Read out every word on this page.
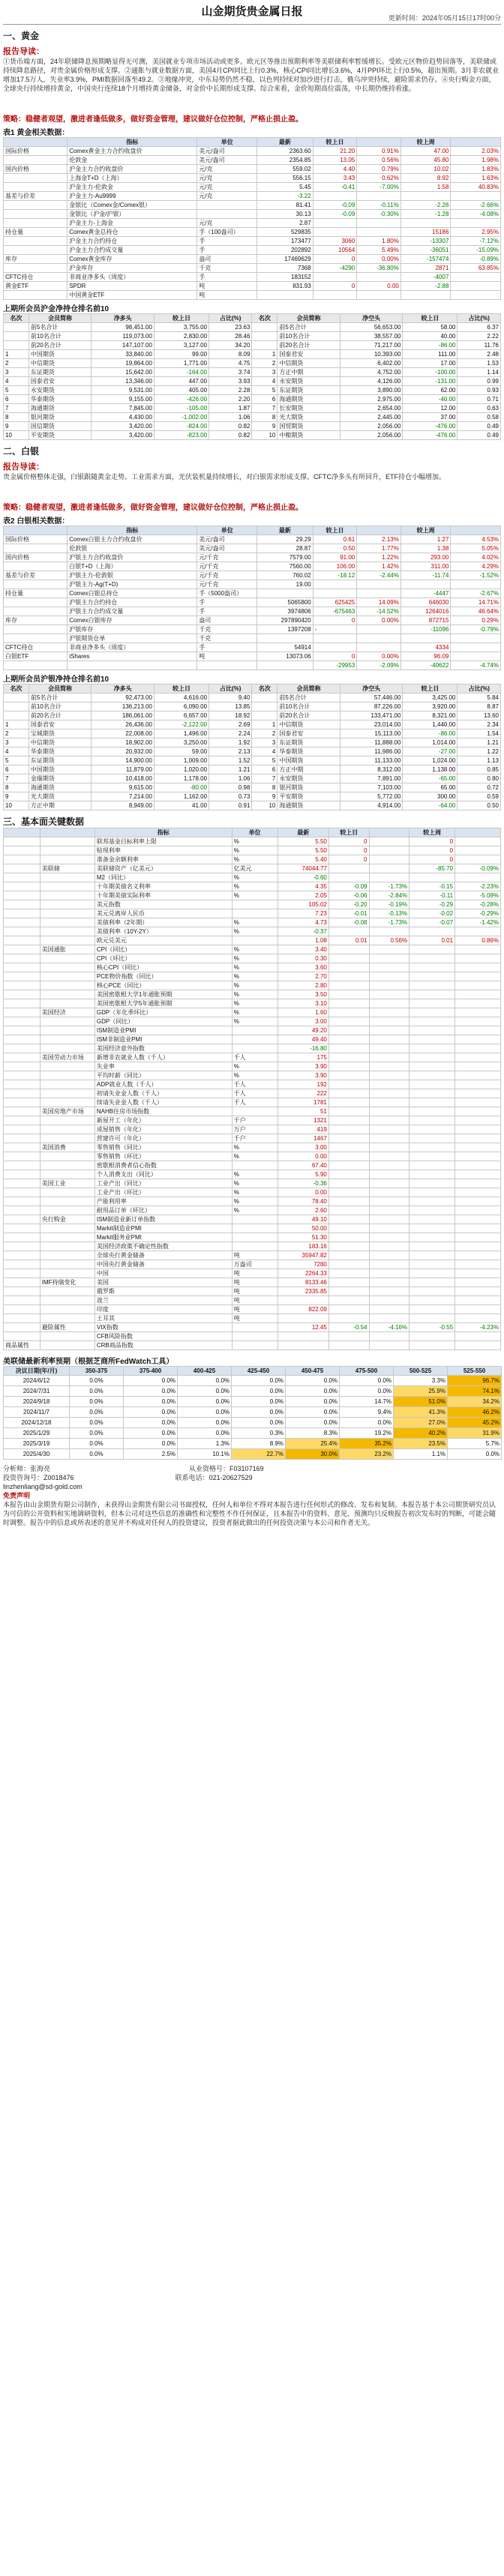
山金期货贵金属日报	更新时间：2024年05月15日17时00分
一、黄金
报告导读：
①货币端方面，24年联储降息预期略显得无可测，美国就业专项市场活动或更多。欧元区等推出预期利率等美联储利率暂缓增长。受欧元区物价趋势回落等，美联储或持续降息路径，对贵金属价格形成支撑。②通胀与就业数据方面，美国4月CPI同比上行0.3%，核心CPI同比增长3.6%，4月PPI环比上行0.5%，超出预期。3月非农就业增加17.5万人，失业率3.9%，PMI数据回落至49.2。③地缘冲突，中东局势仍然不稳，以色列持续对加沙进行打击，俄乌冲突持续，避险需求仍存。④央行购金方面，全球央行持续增持黄金，中国央行连续18个月增持黄金储备，对金价中长期形成支撑。综合来看，金价短期高位震荡，中长期仍维持看涨。
策略：稳健者观望，激进者逢低做多，做好资金管理，建议做好仓位控制，严格止损止盈。
表1 黄金相关数据：
	指标	单位	最新	较上日		较上周	
国际价格	Comex黄金主力合约收盘价	美元/盎司	2363.60	21.20	0.91%	47.00	2.03%
	伦敦金	美元/盎司	2354.85	13.05	0.56%	45.80	1.98%
国内价格	沪金主力合约收盘价	元/克	559.02	4.40	0.79%	10.02	1.83%
	上海金T+D（上海）	元/克	556.15	3.43	0.62%	8.92	1.63%
	沪金主力-伦敦金	元/克	5.45	-0.41	-7.00%	1.58	40.83%
基差与价差	沪金主力-Au9999	元/克	-3.22				
	金银比（Comex金/Comex银）		81.41	-0.09	-0.11%	-2.26	-2.66%
	金银比（沪金/沪银）		30.13	-0.09	-0.30%	-1.28	-4.08%
	沪金主力-上海金	元/克	2.87				
持仓量	Comex黄金总持仓	手（100盎司）	529835			15186	2.95%
	沪金主力合约持仓	手	173477	3060	1.80%	-13307	-7.12%
	沪金主力合约成交量	手	202892	10564	5.49%	-36051	-15.09%
库存	Comex黄金库存	盎司	17469629	0	0.00%	-157474	-0.89%
	沪金库存	千克	7368	-4290	-36.80%	2871	63.85%
CFTC持仓	非商业净多头（周度）	手	183152			-4007	
黄金ETF	SPDR	吨	831.93	0	0.00	-2.88	
	中国黄金ETF	吨					
上期所会员沪金净持仓排名前10
名次	会员简称	净多头	较上日	占比(%)	名次	会员简称	净空头	较上日	占比(%)
	前5名合计	98,451.00	3,755.00	23.63		前5名合计	56,653.00	58.00	6.37
	前10名合计	119,073.00	2,830.00	28.46		前10名合计	38,557.00	40.00	2.22
	前20名合计	147,107.00	3,127.00	34.20		前20名合计	71,217.00	-86.00	11.76
1	中国期货	33,840.00	99.00	8.09	1	国泰君安	10,393.00	111.00	2.48
2	中信期货	19,864.00	1,771.00	4.75	2	中信期货	6,402.00	17.00	1.53
3	东证期货	15,642.00	-164.00	3.74	3	方正中期	4,752.00	-100.00	1.14
4	国泰君安	13,346.00	447.00	3.93	4	永安期货	4,126.00	-131.00	0.99
5	永安期货	9,531.00	405.00	2.28	5	东证期货	3,890.00	62.00	0.93
6	华泰期货	9,155.00	-426.00	2.20	6	海通期货	2,975.00	-40.00	0.71
7	海通期货	7,845.00	-105.00	1.87	7	长安期货	2,654.00	12.00	0.63
8	银河期货	4,430.00	-1,002.00	1.06	8	光大期货	2,445.00	37.00	0.58
9	国信期货	3,420.00	-824.00	0.82	9	国贸期货	2,056.00	-476.00	0.49
10	平安期货	3,420.00	-823.00	0.82	10	中粮期货	2,056.00	-476.00	0.49
二、白银
报告导读：
贵金属价格整体走强，白银跟随黄金走势。工业需求方面，光伏装机量持续增长，对白银需求形成支撑。CFTC净多头有所回升，ETF持仓小幅增加。
策略：稳健者观望，激进者逢低做多，做好资金管理，建议做好仓位控制，严格止损止盈。
表2 白银相关数据：
	指标	单位	最新	较上日		较上周	
国际价格	Comex白银主力合约收盘价	美元/盎司	29.29	0.61	2.13%	1.27	4.53%
	伦敦银	美元/盎司	28.87	0.50	1.77%	1.38	5.05%
国内价格	沪银主力合约收盘价	元/千克	7579.00	91.00	1.22%	293.00	4.02%
	白银T+D（上海）	元/千克	7560.00	106.00	1.42%	311.00	4.29%
基差与价差	沪银主力-伦敦银	元/千克	760.02	-18.12	-2.44%	-11.74	-1.52%
	沪银主力-Ag(T+D)	元/千克	19.00				
持仓量	Comex白银总持仓	手（5000盎司）				-4447	-2.67%
	沪银主力合约持仓	手	5065800	625425	14.09%	646030	14.71%
	沪银主力合约成交量	手	3974806	-675463	-14.52%	1264016	46.64%
库存	Comex白银库存	盎司	297890420	0	0.00%	872715	0.29%
	沪银库存	千克	1397208	-		-11096	-0.79%
	沪银期货仓单	千克					
CFTC持仓	非商业净多头（周度）	手	54914			4334	
白银ETF	iShares	吨	13073.06	0	0.00%	96.09	
				-29953	-2.09%	-40622	-4.74%
上期所会员沪银净持仓排名前10
名次	会员简称	净多头	较上日	占比(%)	名次	会员简称	净空头	较上日	占比(%)
	前5名合计	92,473.00	4,616.00	9.40		前5名合计	57,446.00	3,425.00	5.84
	前10名合计	136,213.00	6,090.00	13.85		前10名合计	87,226.00	3,920.00	8.87
	前20名合计	186,061.00	6,657.00	18.92		前20名合计	133,471.00	8,321.00	13.60
1	国泰君安	26,436.00	-2,122.00	2.69	1	中信期货	23,014.00	1,440.00	2.34
2	宝城期货	22,008.00	1,496.00	2.24	2	国泰君安	15,113.00	-86.00	1.54
3	中信期货	18,902.00	3,250.00	1.92	3	东证期货	11,888.00	1,014.00	1.21
4	华泰期货	20,932.00	59.00	2.13	4	华泰期货	11,986.00	-27.00	1.22
5	东证期货	14,900.00	1,009.00	1.52	5	中国期货	11,133.00	1,024.00	1.13
6	中国期货	11,879.00	1,020.00	1.21	6	方正中期	8,312.00	1,138.00	0.85
7	金瑞期货	10,418.00	1,178.00	1.06	7	永安期货	7,891.00	-65.00	0.80
8	海通期货	9,615.00	-80.00	0.98	8	银河期货	7,103.00	65.00	0.72
9	光大期货	7,214.00	1,162.00	0.73	9	平安期货	5,772.00	300.00	0.59
10	方正中期	8,949.00	41.00	0.91	10	海通期货	4,914.00	-64.00	0.50
三、基本面关键数据
		指标	单位	最新	较上日		较上周	
		联邦基金目标利率上限	%	5.50	0		0	
		贴现利率	%	5.50	0		0	
		准备金余额利率	%	5.40	0		0	
	美联储	美联储资产（亿美元）	亿美元	74044.77			-85.70	-0.09%
		M2（同比）	%	-0.60				
		十年期美债名义利率	%	4.35	-0.09	-1.73%	-0.15	-2.23%
		十年期美债实际利率	%	2.05	-0.06	-2.84%	-0.11	-5.09%
		美元指数		105.02	-0.20	-0.19%	-0.29	-0.28%
		美元兑离岸人民币		7.23	-0.01	-0.13%	-0.02	-0.29%
		美债利率（2年期）	%	4.73	-0.08	-1.73%	-0.07	-1.42%
		美债利率（10Y-2Y）	%	-0.37				
		欧元兑美元		1.08	0.01	0.56%	0.01	0.86%
	美国通胀	CPI（同比）	%	3.40				
		CPI（环比）	%	0.30				
		核心CPI（同比）	%	3.60				
		PCE物价指数（同比）	%	2.70				
		核心PCE（同比）	%	2.80				
		美国密歇根大学1年通胀预期	%	3.50				
		美国密歇根大学5年通胀预期	%	3.10				
	美国经济	GDP（年化季环比）	%	1.60				
		GDP（同比）	%	3.00				
		ISM制造业PMI		49.20				
		ISM非制造业PMI		49.40				
		美国经济意外指数		-16.80				
	美国劳动力市场	新增非农就业人数（千人）	千人	175				
		失业率	%	3.90				
		平均时薪（同比）	%	3.90				
		ADP就业人数（千人）	千人	192				
		初请失业金人数（千人）	千人	222				
		续请失业金人数（千人）	千人	1781				
	美国房地产市场	NAHB住房市场指数		51				
		新屋开工（年化）	千户	1321				
		成屋销售（年化）	万户	419				
		营建许可（年化）	千户	1467				
	美国消费	零售销售（同比）	%	3.00				
		零售销售（环比）	%	0.00				
		密歇根消费者信心指数		67.40				
		个人消费支出（同比）	%	5.90				
	美国工业	工业产出（同比）	%	-0.36				
		工业产出（环比）	%	0.00				
		产能利用率	%	78.40				
		耐用品订单（环比）	%	2.60				
	央行购金	ISM制造业新订单指数		49.10				
		Markit制造业PMI		50.00				
		Markit服务业PMI		51.30				
		美国经济政策不确定性指数		183.16				
		全球央行黄金储备	吨	35947.82				
		中国央行黄金储备	万盎司	7280				
		中国	吨	2264.33				
	IMF持储变化	美国	吨	8133.46				
		俄罗斯	吨	2335.85				
		波兰	吨					
		印度	吨	822.09				
		土耳其	吨					
	避险属性	VIX指数		12.45	-0.54	-4.16%	-0.55	-4.23%
		CFB风险指数						
商品属性		CRB商品指数						
美联储最新利率预期（根据芝商所FedWatch工具）
决议日期(年/月)	350-375	375-400	400-425	425-450	450-475	475-500	500-525	525-550
2024/6/12	0.0%	0.0%	0.0%	0.0%	0.0%	0.0%	3.3%	96.7%
2024/7/31	0.0%	0.0%	0.0%	0.0%	0.0%	0.0%	25.9%	74.1%
2024/9/18	0.0%	0.0%	0.0%	0.0%	0.0%	14.7%	51.0%	34.2%
2024/11/7	0.0%	0.0%	0.0%	0.0%	0.0%	9.4%	41.3%	46.2%
2024/12/18	0.0%	0.0%	0.0%	0.0%	0.0%	0.0%	27.0%	45.2%
2025/1/29	0.0%	0.0%	0.0%	0.3%	8.3%	19.2%	40.2%	31.9%
2025/3/19	0.0%	0.0%	1.3%	8.9%	25.4%	35.2%	23.5%	5.7%
2025/4/30	0.0%	2.5%	10.1%	22.7%	30.0%	23.2%	1.1%	0.0%
分析师：张海亮	从业资格号：F03107169
投资咨询号：Z0018476	联系电话：021-20627529
linzhenliang@sd-gold.com
免责声明
本报告由山金期货有限公司制作，未获得山金期货有限公司书面授权，任何人和单位不得对本报告进行任何形式的修改、发布和复制。本报告基于本公司期货研究员认为可信的公开资料和实地调研资料，但本公司对这些信息的准确性和完整性不作任何保证，且本报告中的资料、意见、预测均只反映报告初次发布时的判断，可能会随时调整。报告中的信息或所表述的意见并不构成对任何人的投资建议，投资者据此做出的任何投资决策与本公司和作者无关。
